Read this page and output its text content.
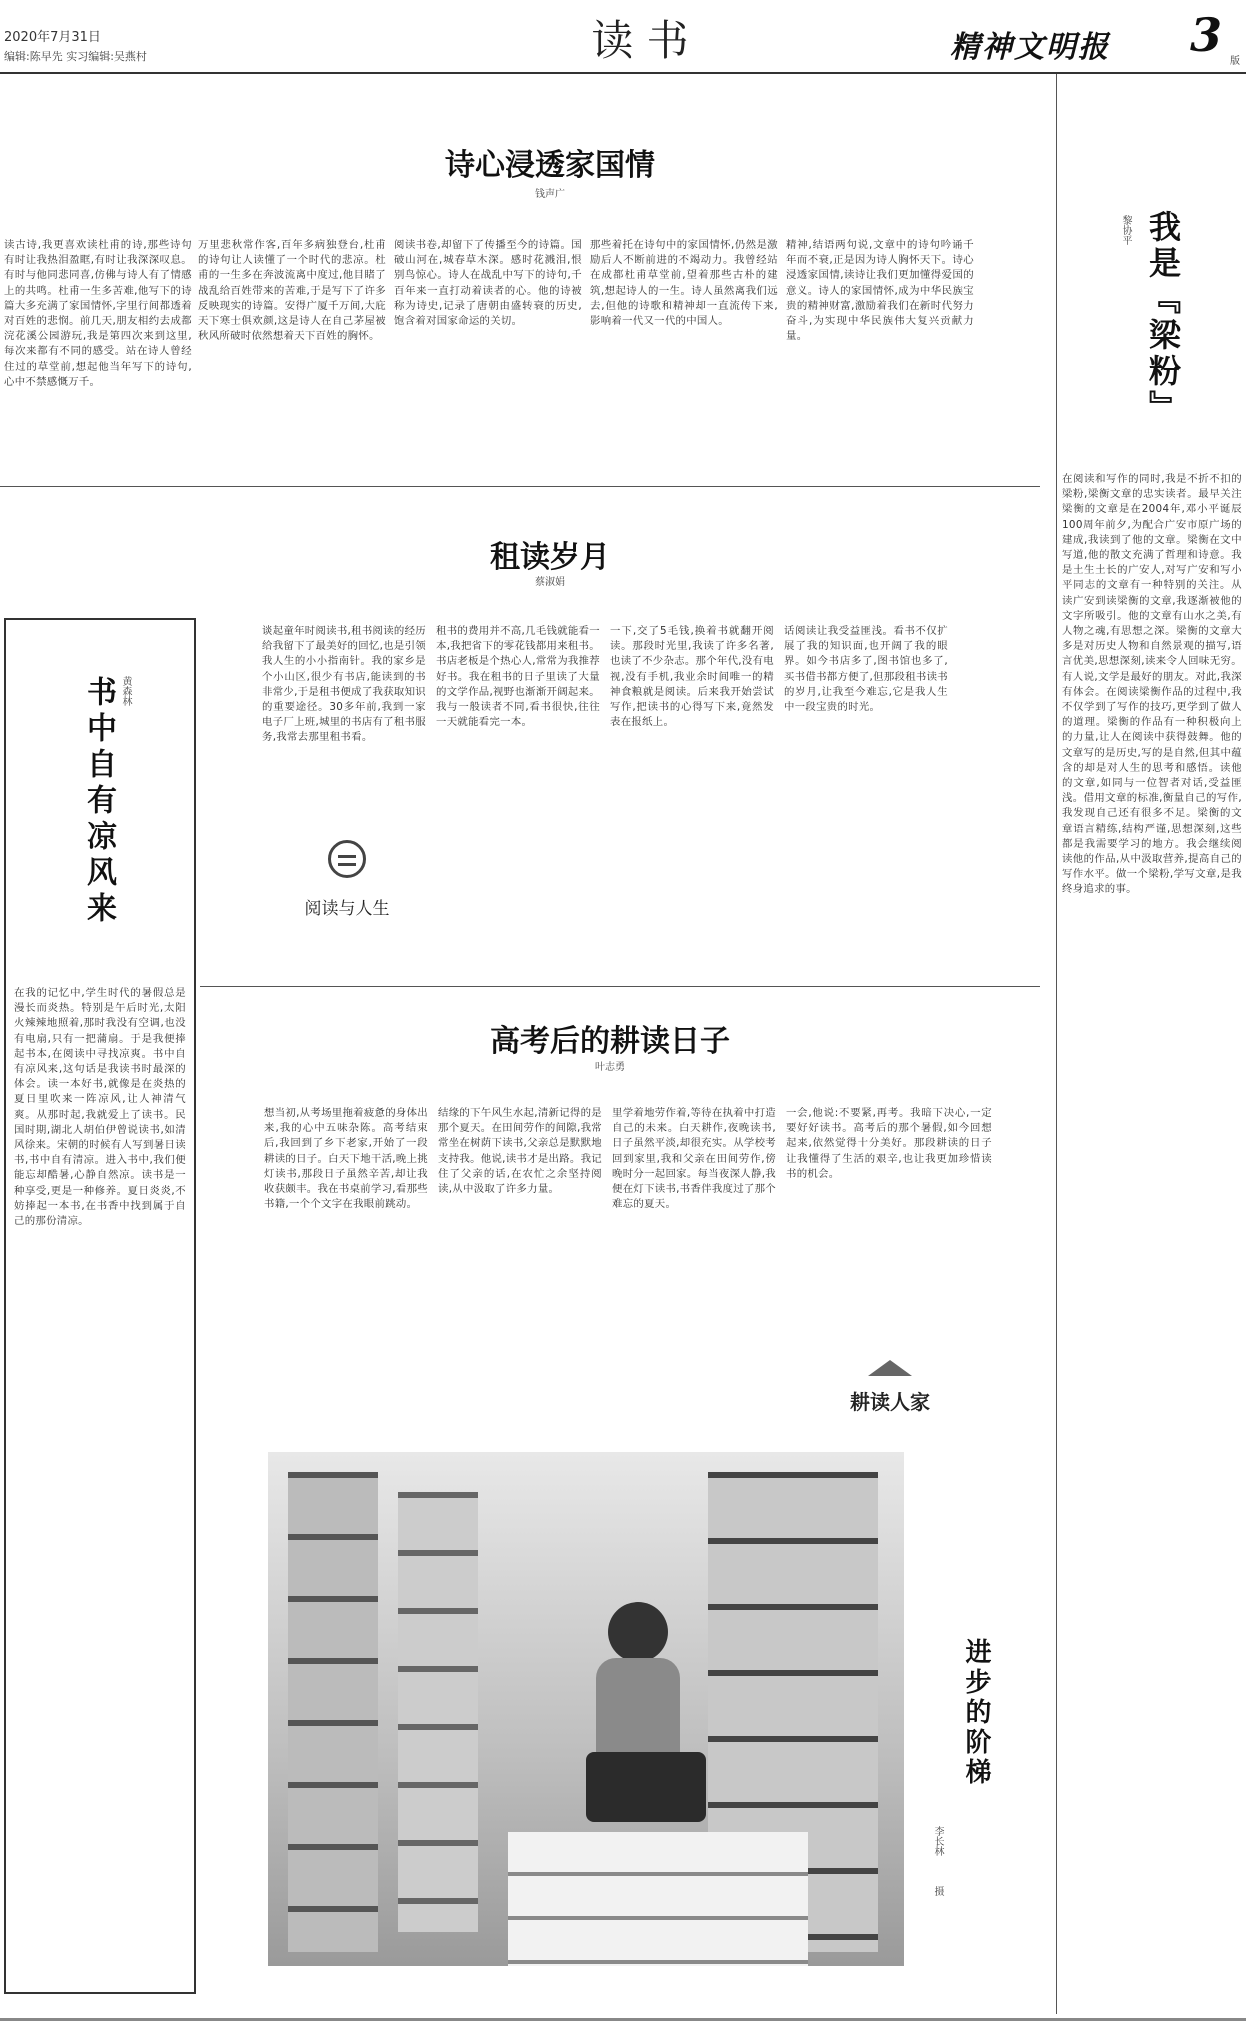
2020年7月31日
编辑:陈早先 实习编辑:吴燕村	读 书	精神文明报 3 版
诗心浸透家国情
钱声广
读古诗,我更喜欢读杜甫的诗,那些诗句有时让我热泪盈眶,有时让我深深叹息。有时与他同悲同喜,仿佛与诗人有了情感上的共鸣。杜甫一生多苦难,他写下的诗篇大多充满了家国情怀,字里行间都透着对百姓的悲悯。前几天,朋友相约去成都浣花溪公园游玩,我是第四次来到这里,每次来都有不同的感受。站在诗人曾经住过的草堂前,想起他当年写下的诗句,心中不禁感慨万千。
万里悲秋常作客,百年多病独登台,杜甫的诗句让人读懂了一个时代的悲凉。杜甫的一生多在奔波流离中度过,他目睹了战乱给百姓带来的苦难,于是写下了许多反映现实的诗篇。安得广厦千万间,大庇天下寒士俱欢颜,这是诗人在自己茅屋被秋风所破时依然想着天下百姓的胸怀。
阅读书卷,却留下了传播至今的诗篇。国破山河在,城春草木深。感时花溅泪,恨别鸟惊心。诗人在战乱中写下的诗句,千百年来一直打动着读者的心。他的诗被称为诗史,记录了唐朝由盛转衰的历史,饱含着对国家命运的关切。
那些着托在诗句中的家国情怀,仍然是激励后人不断前进的不竭动力。我曾经站在成都杜甫草堂前,望着那些古朴的建筑,想起诗人的一生。诗人虽然离我们远去,但他的诗歌和精神却一直流传下来,影响着一代又一代的中国人。
精神,结语两句说,文章中的诗句吟诵千年而不衰,正是因为诗人胸怀天下。诗心浸透家国情,读诗让我们更加懂得爱国的意义。诗人的家国情怀,成为中华民族宝贵的精神财富,激励着我们在新时代努力奋斗,为实现中华民族伟大复兴贡献力量。	我是『梁粉』
黎协平
在阅读和写作的同时,我是不折不扣的梁粉,梁衡文章的忠实读者。最早关注梁衡的文章是在2004年,邓小平诞辰100周年前夕,为配合广安市原广场的建成,我读到了他的文章。梁衡在文中写道,他的散文充满了哲理和诗意。我是土生土长的广安人,对写广安和写小平同志的文章有一种特别的关注。从读广安到读梁衡的文章,我逐渐被他的文字所吸引。他的文章有山水之美,有人物之魂,有思想之深。梁衡的文章大多是对历史人物和自然景观的描写,语言优美,思想深刻,读来令人回味无穷。有人说,文学是最好的朋友。对此,我深有体会。在阅读梁衡作品的过程中,我不仅学到了写作的技巧,更学到了做人的道理。梁衡的作品有一种积极向上的力量,让人在阅读中获得鼓舞。他的文章写的是历史,写的是自然,但其中蕴含的却是对人生的思考和感悟。读他的文章,如同与一位智者对话,受益匪浅。借用文章的标准,衡量自己的写作,我发现自己还有很多不足。梁衡的文章语言精练,结构严谨,思想深刻,这些都是我需要学习的地方。我会继续阅读他的作品,从中汲取营养,提高自己的写作水平。做一个梁粉,学写文章,是我终身追求的事。
书中自有凉风来 黄森林
在我的记忆中,学生时代的暑假总是漫长而炎热。特别是午后时光,太阳火辣辣地照着,那时我没有空调,也没有电扇,只有一把蒲扇。于是我便捧起书本,在阅读中寻找凉爽。书中自有凉风来,这句话是我读书时最深的体会。读一本好书,就像是在炎热的夏日里吹来一阵凉风,让人神清气爽。从那时起,我就爱上了读书。民国时期,湖北人胡伯伊曾说读书,如清风徐来。宋朝的时候有人写到暑日读书,书中自有清凉。进入书中,我们便能忘却酷暑,心静自然凉。读书是一种享受,更是一种修养。夏日炎炎,不妨捧起一本书,在书香中找到属于自己的那份清凉。
租读岁月
蔡淑娟
谈起童年时阅读书,租书阅读的经历给我留下了最美好的回忆,也是引领我人生的小小指南针。我的家乡是个小山区,很少有书店,能读到的书非常少,于是租书便成了我获取知识的重要途径。30多年前,我到一家电子厂上班,城里的书店有了租书服务,我常去那里租书看。
阅读与人生
租书的费用并不高,几毛钱就能看一本,我把省下的零花钱都用来租书。书店老板是个热心人,常常为我推荐好书。我在租书的日子里读了大量的文学作品,视野也渐渐开阔起来。我与一般读者不同,看书很快,往往一天就能看完一本。
一下,交了5毛钱,换着书就翻开阅读。那段时光里,我读了许多名著,也读了不少杂志。那个年代,没有电视,没有手机,我业余时间唯一的精神食粮就是阅读。后来我开始尝试写作,把读书的心得写下来,竟然发表在报纸上。
话阅读让我受益匪浅。看书不仅扩展了我的知识面,也开阔了我的眼界。如今书店多了,图书馆也多了,买书借书都方便了,但那段租书读书的岁月,让我至今难忘,它是我人生中一段宝贵的时光。
高考后的耕读日子
叶志勇
想当初,从考场里拖着疲惫的身体出来,我的心中五味杂陈。高考结束后,我回到了乡下老家,开始了一段耕读的日子。白天下地干活,晚上挑灯读书,那段日子虽然辛苦,却让我收获颇丰。我在书桌前学习,看那些书籍,一个个文字在我眼前跳动。
结缘的下午风生水起,清新记得的是那个夏天。在田间劳作的间隙,我常常坐在树荫下读书,父亲总是默默地支持我。他说,读书才是出路。我记住了父亲的话,在农忙之余坚持阅读,从中汲取了许多力量。
里学着地劳作着,等待在执着中打造自己的未来。白天耕作,夜晚读书,日子虽然平淡,却很充实。从学校考回到家里,我和父亲在田间劳作,傍晚时分一起回家。每当夜深人静,我便在灯下读书,书香伴我度过了那个难忘的夏天。
一会,他说:不要紧,再考。我暗下决心,一定要好好读书。高考后的那个暑假,如今回想起来,依然觉得十分美好。那段耕读的日子让我懂得了生活的艰辛,也让我更加珍惜读书的机会。
耕读人家
进步的阶梯
李长林
摄
